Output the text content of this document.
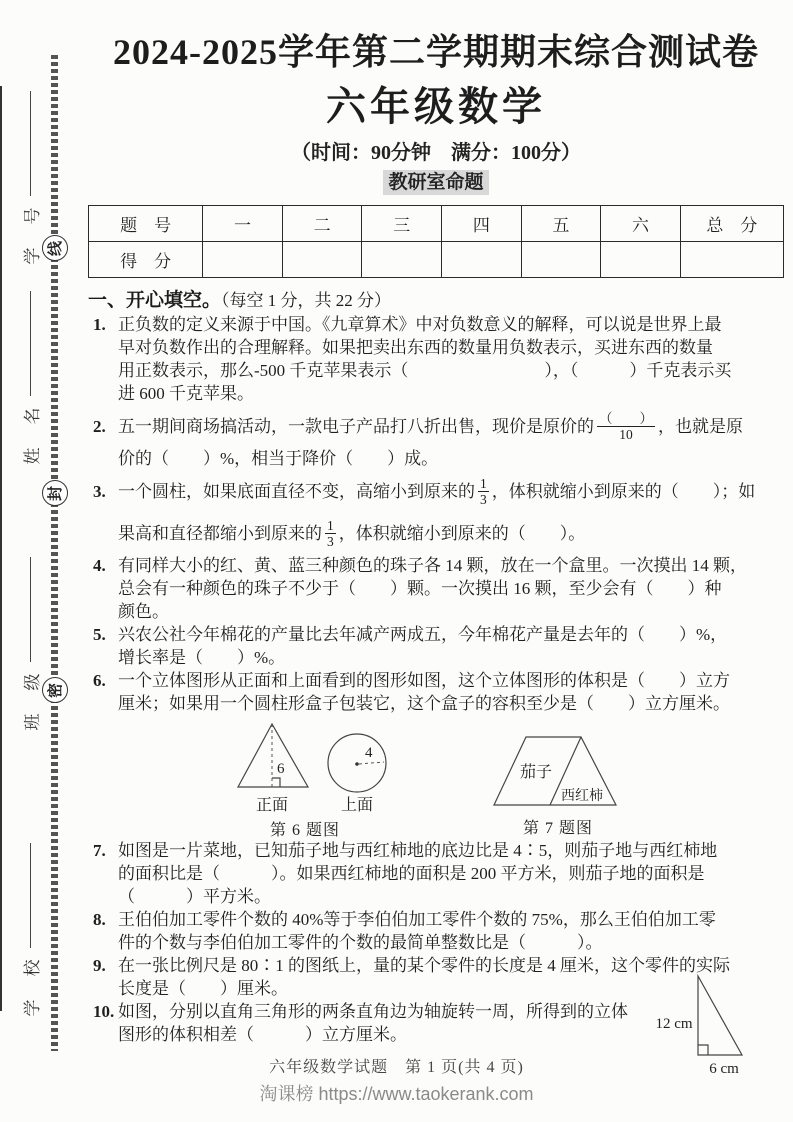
学　号
姓　名
班　级
学　校
线
封
密
2024-2025学年第二学期期末综合测试卷
六年级数学
（时间：90分钟　满分：100分）
教研室命题
题　号	一	二	三	四	五	六	总　分
得　分							
一、开心填空。（每空 1 分，共 22 分）
1. 正负数的定义来源于中国。《九章算术》中对负数意义的解释，可以说是世界上最
早对负数作出的合理解释。如果把卖出东西的数量用负数表示，买进东西的数量
用正数表示，那么-500 千克苹果表示（　　　　　　　　），（　　　）千克表示买
进 600 千克苹果。
2. 五一期间商场搞活动，一款电子产品打八折出售，现价是原价的 $\frac{( )}{10}$ ，也就是原
价的（　　）%，相当于降价（　　）成。
3. 一个圆柱，如果底面直径不变，高缩小到原来的 $\frac{1}{3}$ ，体积就缩小到原来的（　　）；如
果高和直径都缩小到原来的 $\frac{1}{3}$ ，体积就缩小到原来的（　　）。
4. 有同样大小的红、黄、蓝三种颜色的珠子各 14 颗，放在一个盒里。一次摸出 14 颗，
总会有一种颜色的珠子不少于（　　）颗。一次摸出 16 颗，至少会有（　　）种
颜色。
5. 兴农公社今年棉花的产量比去年减产两成五，今年棉花产量是去年的（　　）%，
增长率是（　　）%。
6. 一个立体图形从正面和上面看到的图形如图，这个立体图形的体积是（　　）立方
厘米；如果用一个圆柱形盒子包装它，这个盒子的容积至少是（　　）立方厘米。
6
4
正面	上面
第 6 题图
茄子
西红柿
第 7 题图
7. 如图是一片菜地，已知茄子地与西红柿地的底边比是 4∶5，则茄子地与西红柿地
的面积比是（　　　）。如果西红柿地的面积是 200 平方米，则茄子地的面积是
（　　　）平方米。
8. 王伯伯加工零件个数的 40%等于李伯伯加工零件个数的 75%，那么王伯伯加工零
件的个数与李伯伯加工零件的个数的最简单整数比是（　　　）。
9. 在一张比例尺是 80∶1 的图纸上，量的某个零件的长度是 4 厘米，这个零件的实际
长度是（　　）厘米。
10. 如图，分别以直角三角形的两条直角边为轴旋转一周，所得到的立体
图形的体积相差（　　　）立方厘米。
12 cm
6 cm
六年级数学试题　第 1 页(共 4 页)
淘课榜 https://www.taokerank.com
